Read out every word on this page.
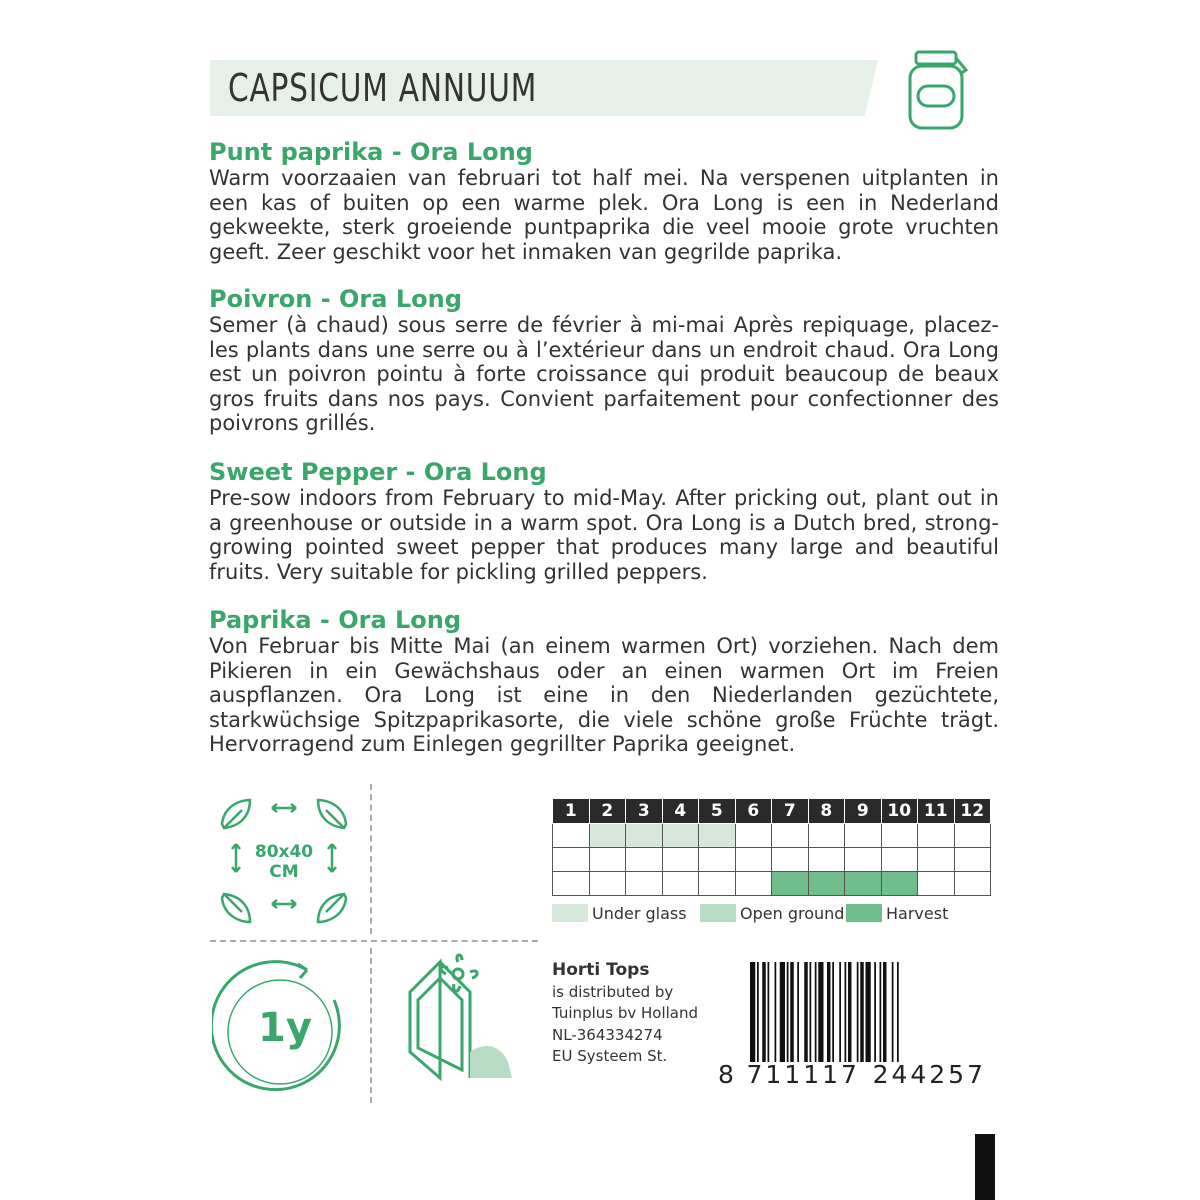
CAPSICUM ANNUUM
Punt paprika - Ora Long
Warm voorzaaien van februari tot half mei. Na verspenen uitplanten in een kas of buiten op een warme plek. Ora Long is een in Nederland gekweekte, sterk groeiende puntpaprika die veel mooie grote vruchten geeft. Zeer geschikt voor het inmaken van gegrilde paprika.
Poivron - Ora Long
Semer (à chaud) sous serre de février à mi-mai Après repiquage, placez-les plants dans une serre ou à l’extérieur dans un endroit chaud. Ora Long est un poivron pointu à forte croissance qui produit beaucoup de beaux gros fruits dans nos pays. Convient parfaitement pour confectionner des poivrons grillés.
Sweet Pepper - Ora Long
Pre-sow indoors from February to mid-May. After pricking out, plant out in a greenhouse or outside in a warm spot. Ora Long is a Dutch bred, strong-growing pointed sweet pepper that produces many large and beautiful fruits. Very suitable for pickling grilled peppers.
Paprika - Ora Long
Von Februar bis Mitte Mai (an einem warmen Ort) vorziehen. Nach dem Pikieren in ein Gewächshaus oder an einen warmen Ort im Freien auspflanzen. Ora Long ist eine in den Niederlanden gezüchtete, starkwüchsige Spitzpaprikasorte, die viele schöne große Früchte trägt. Hervorragend zum Einlegen gegrillter Paprika geeignet.
80x40
CM
1	2	3	4	5	6	7	8	9	10	11	12

Under glass	Open ground	Harvest
1y
Horti Tops
is distributed by
Tuinplus bv Holland
NL-364334274
EU Systeem St.
8 711117 244257
